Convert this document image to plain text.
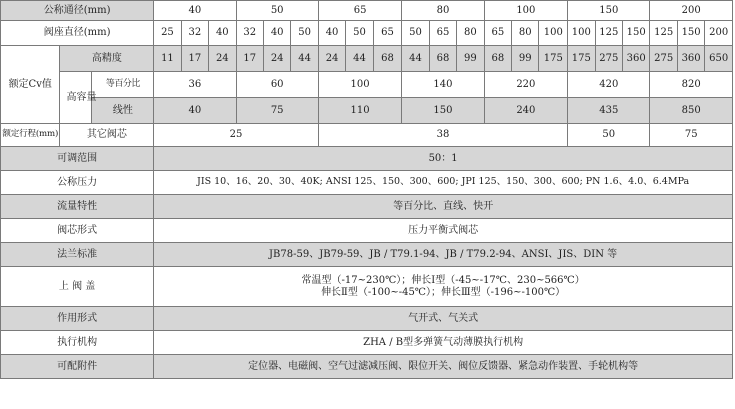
公称通径(mm)			40			50			65			80			100			150			200		
阀座直径(mm)			25	32	40	32	40	50	40	50	65	50	65	80	65	80	100	100	125	150	125	150	200
额定Cv值	高精度		11	17	24	17	24	44	24	44	68	44	68	99	68	99	175	175	275	360	275	360	650
	高容量	等百分比	36			60			100			140			220			420			820		
		线性	40			75			110			150			240			435			850		
额定行程(mm)	其它阀芯		25						38									50			75		
可调范围			50：1																				
公称压力			JIS 10、16、20、30、40K; ANSI 125、150、300、600; JPI 125、150、300、600; PN 1.6、4.0、6.4MPa																				
流量特性			等百分比、直线、快开																				
阀芯形式			压力平衡式阀芯																				
法兰标准			JB78-59、JB79-59、JB / T79.1-94、JB / T79.2-94、ANSI、JIS、DIN 等																				
上 阀 盖			常温型（-17~230℃）；伸长Ⅰ型（-45~-17℃、230~566℃）
伸长Ⅱ型（-100~-45℃）；伸长Ⅲ型（-196~-100℃）																				

作用形式			气开式、气关式																				
执行机构			ZHA / B型多弹簧气动薄膜执行机构																				
可配附件			定位器、电磁阀、空气过滤减压阀、限位开关、阀位反馈器、紧急动作装置、手轮机构等																				
